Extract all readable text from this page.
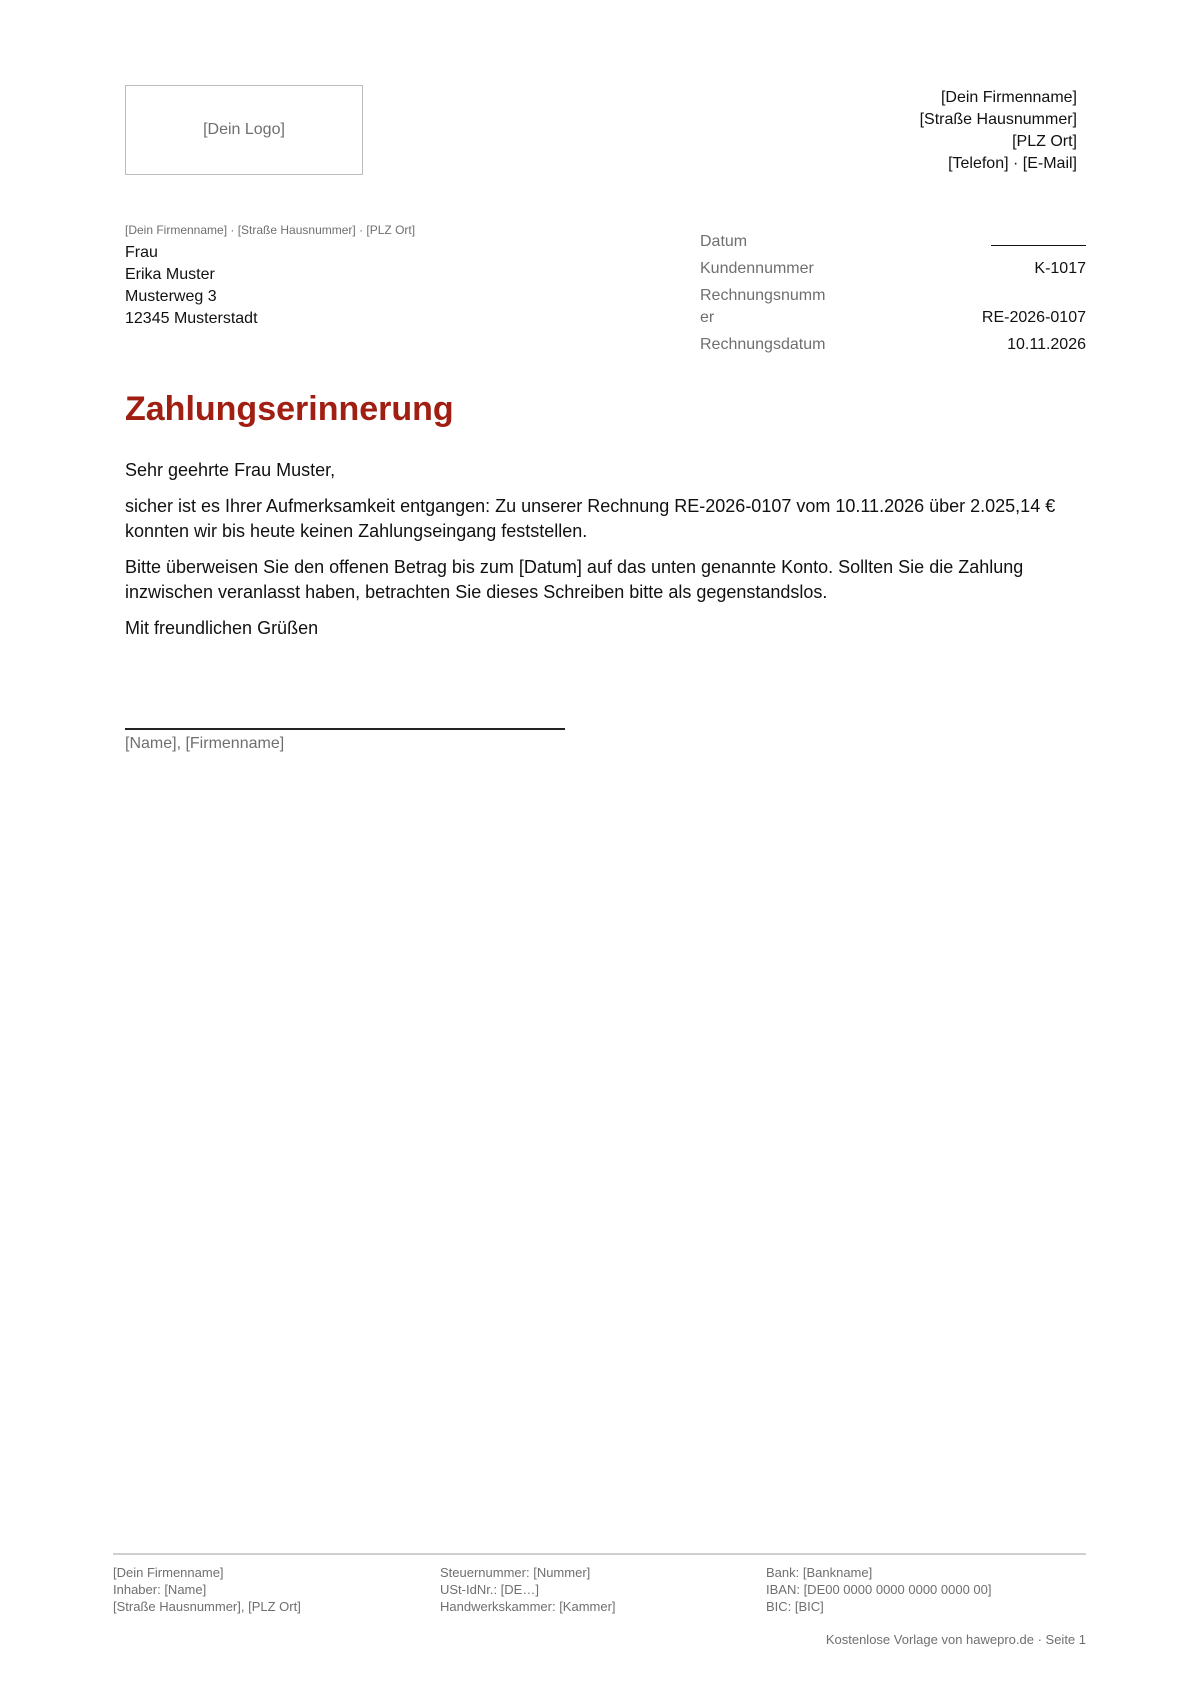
[Dein Logo]
[Dein Firmenname]
[Straße Hausnummer]
[PLZ Ort]
[Telefon] · [E-Mail]
[Dein Firmenname] · [Straße Hausnummer] · [PLZ Ort]
Frau
Erika Muster
Musterweg 3
12345 Musterstadt
Datum
Kundennummer	K-1017
Rechnungsnumm er	RE-2026-0107
Rechnungsdatum	10.11.2026
Zahlungserinnerung

Sehr geehrte Frau Muster,

sicher ist es Ihrer Aufmerksamkeit entgangen: Zu unserer Rechnung RE-2026-0107 vom 10.11.2026 über 2.025,14 € konnten wir bis heute keinen Zahlungseingang feststellen.

Bitte überweisen Sie den offenen Betrag bis zum [Datum] auf das unten genannte Konto. Sollten Sie die Zahlung inzwischen veranlasst haben, betrachten Sie dieses Schreiben bitte als gegenstandslos.

Mit freundlichen Grüßen

[Name], [Firmenname]
[Dein Firmenname]
Inhaber: [Name]
[Straße Hausnummer], [PLZ Ort]
Steuernummer: [Nummer]
USt-IdNr.: [DE…]
Handwerkskammer: [Kammer]
Bank: [Bankname]
IBAN: [DE00 0000 0000 0000 0000 00]
BIC: [BIC]
Kostenlose Vorlage von hawepro.de · Seite 1
